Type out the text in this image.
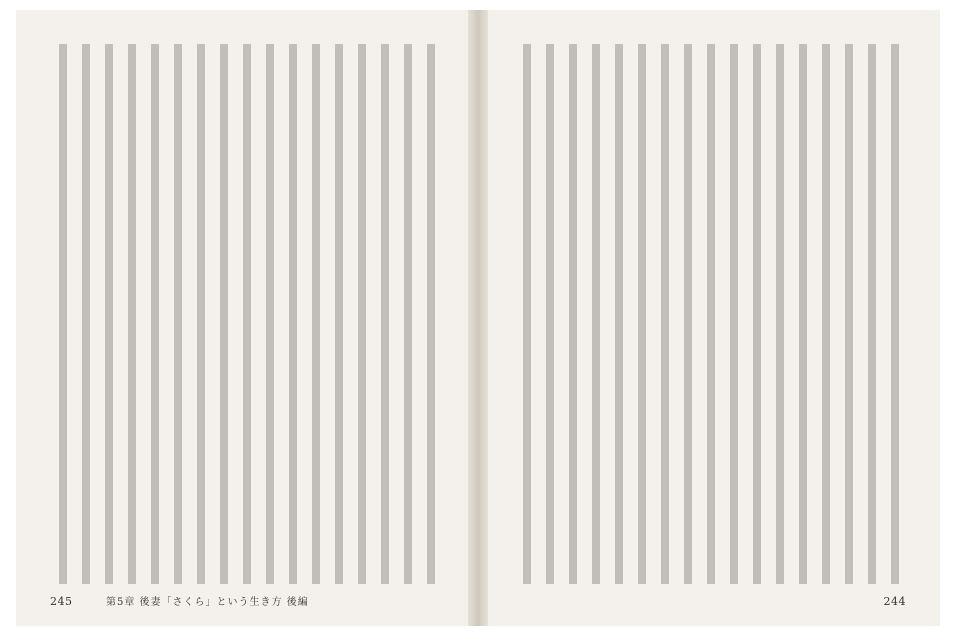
245	第5章 後妻「さくら」という生き方 後編	244
